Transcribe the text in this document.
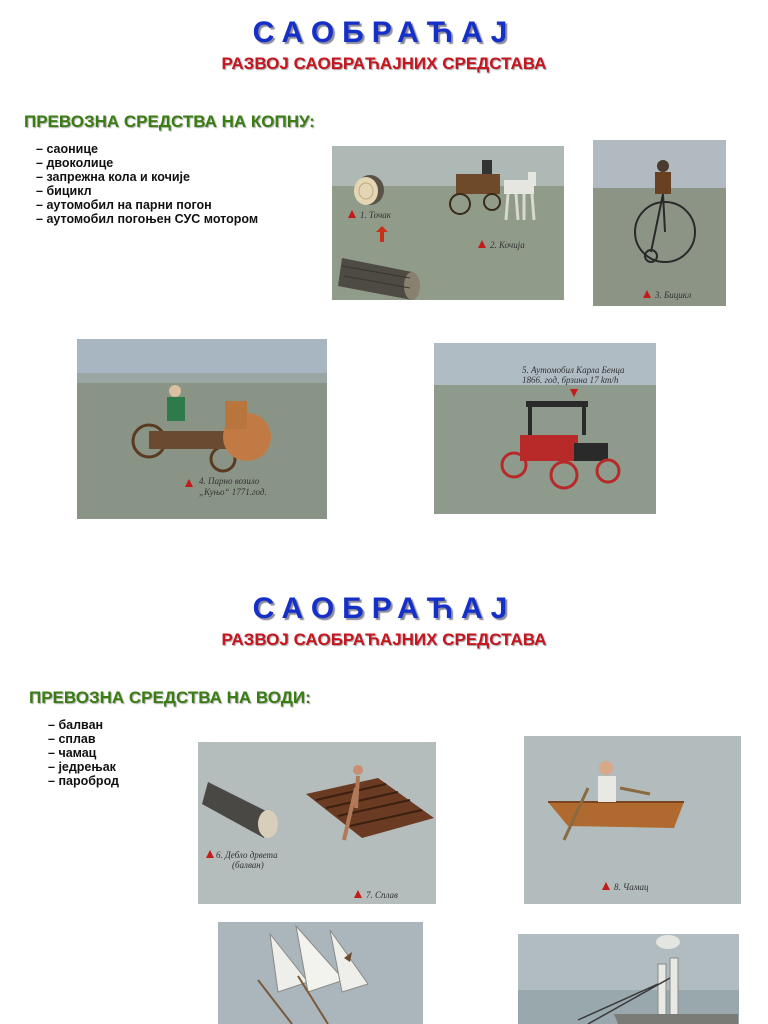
САОБРАЋАЈ
РАЗВОЈ САОБРАЋАЈНИХ СРЕДСТАВА
ПРЕВОЗНА СРЕДСТВА НА КОПНУ:
– саонице
– двоколице
– запрежна кола и кочије
– бицикл
– аутомобил на парни погон
– аутомобил погоњен СУС мотором	1. Точак
2. Кочија
3. Бицикл
4. Парно возило
„Куњо“ 1771.год.
5. Аутомобил Карла Бенца
1866. год, брзина 17 km/h
САОБРАЋАЈ
РАЗВОЈ САОБРАЋАЈНИХ СРЕДСТАВА
ПРЕВОЗНА СРЕДСТВА НА ВОДИ:
– балван
– сплав
– чамац
– једрењак
– пароброд
6. Дебло дрвета
(балван)
7. Сплав
8. Чамац
